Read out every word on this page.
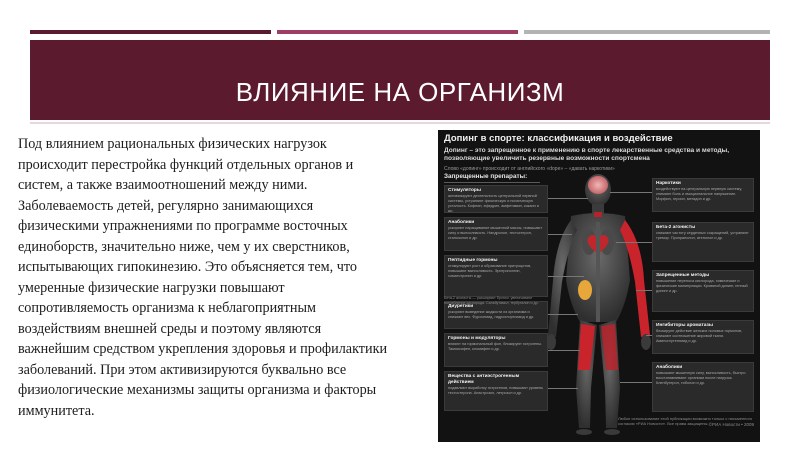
ВЛИЯНИЕ НА ОРГАНИЗМ

Под влиянием рациональных физических нагрузок происходит перестройка функций отдельных органов и систем, а также взаимоотношений между ними. Заболеваемость детей, регулярно занимающихся физическими упражнениями по программе восточных единоборств, значительно ниже, чем у их сверстников, испытывающих гипокинезию. Это объясняется тем, что умеренные физические нагрузки повышают сопротивляемость организма к неблагоприятным воздействиям внешней среды и поэтому являются важнейшим средством укрепления здоровья и профилактики заболеваний. При этом активизируются буквально все физиологические механизмы защиты организма и факторы иммунитета.

Допинг в спорте: классификация и воздействие
Допинг – это запрещенное к применению в спорте лекарственные средства и методы, позволяющие увеличить резервные возможности спортсмена
Слово «допинг» происходит от английского «dope» – «давать наркотики»
Запрещенные препараты:
Стимуляторы
активизируют деятельность центральной нервной системы, устраняют физическую и психическую усталость. Кофеин, эфедрин, амфетамин, кокаин и др.
Анаболики
ускоряют наращивание мышечной массы, повышают силу и выносливость. Нандролон, тестостерон, станозолол и др.
Пептидные гормоны
стимулируют рост и образование эритроцитов, повышают выносливость. Эритропоэтин, соматотропин и др.
Диуретики
ускоряют выведение жидкости из организма и снижают вес. Фуросемид, гидрохлортиазид и др.
Гормоны и модуляторы
влияют на гормональный фон, блокируют эстрогены. Тамоксифен, кломифен и др.
Вещества с антиэстрогенным действием
подавляют выработку эстрогенов, повышают уровень тестостерона. Анастрозол, летрозол и др.
Наркотики
воздействуют на центральную нервную систему, снимают боль и эмоциональное напряжение. Морфин, героин, метадон и др.
Бета-2 агонисты
снижают частоту сердечных сокращений, устраняют тремор. Пропранолол, атенолол и др.
Запрещенные методы
повышение переноса кислорода, химические и физические манипуляции. Кровяной допинг, генный допинг и др.
Ингибиторы ароматазы
блокируют действие женских половых гормонов, снижают соотношение жировой ткани. Аминоглутетимид и др.
Анаболики
повышают мышечную силу, выносливость, быстро восстанавливают организм после нагрузок. Кленбутерол, тиболон и др.
Любое использование этой публикации возможно только с письменного согласия «РИА Новости». Все права защищены. ©РИА Новости • 2009
Бета-2 агонисты — расширяют бронхи, увеличивают потребление кислорода. Сальбутамол, тербуталин и др.
